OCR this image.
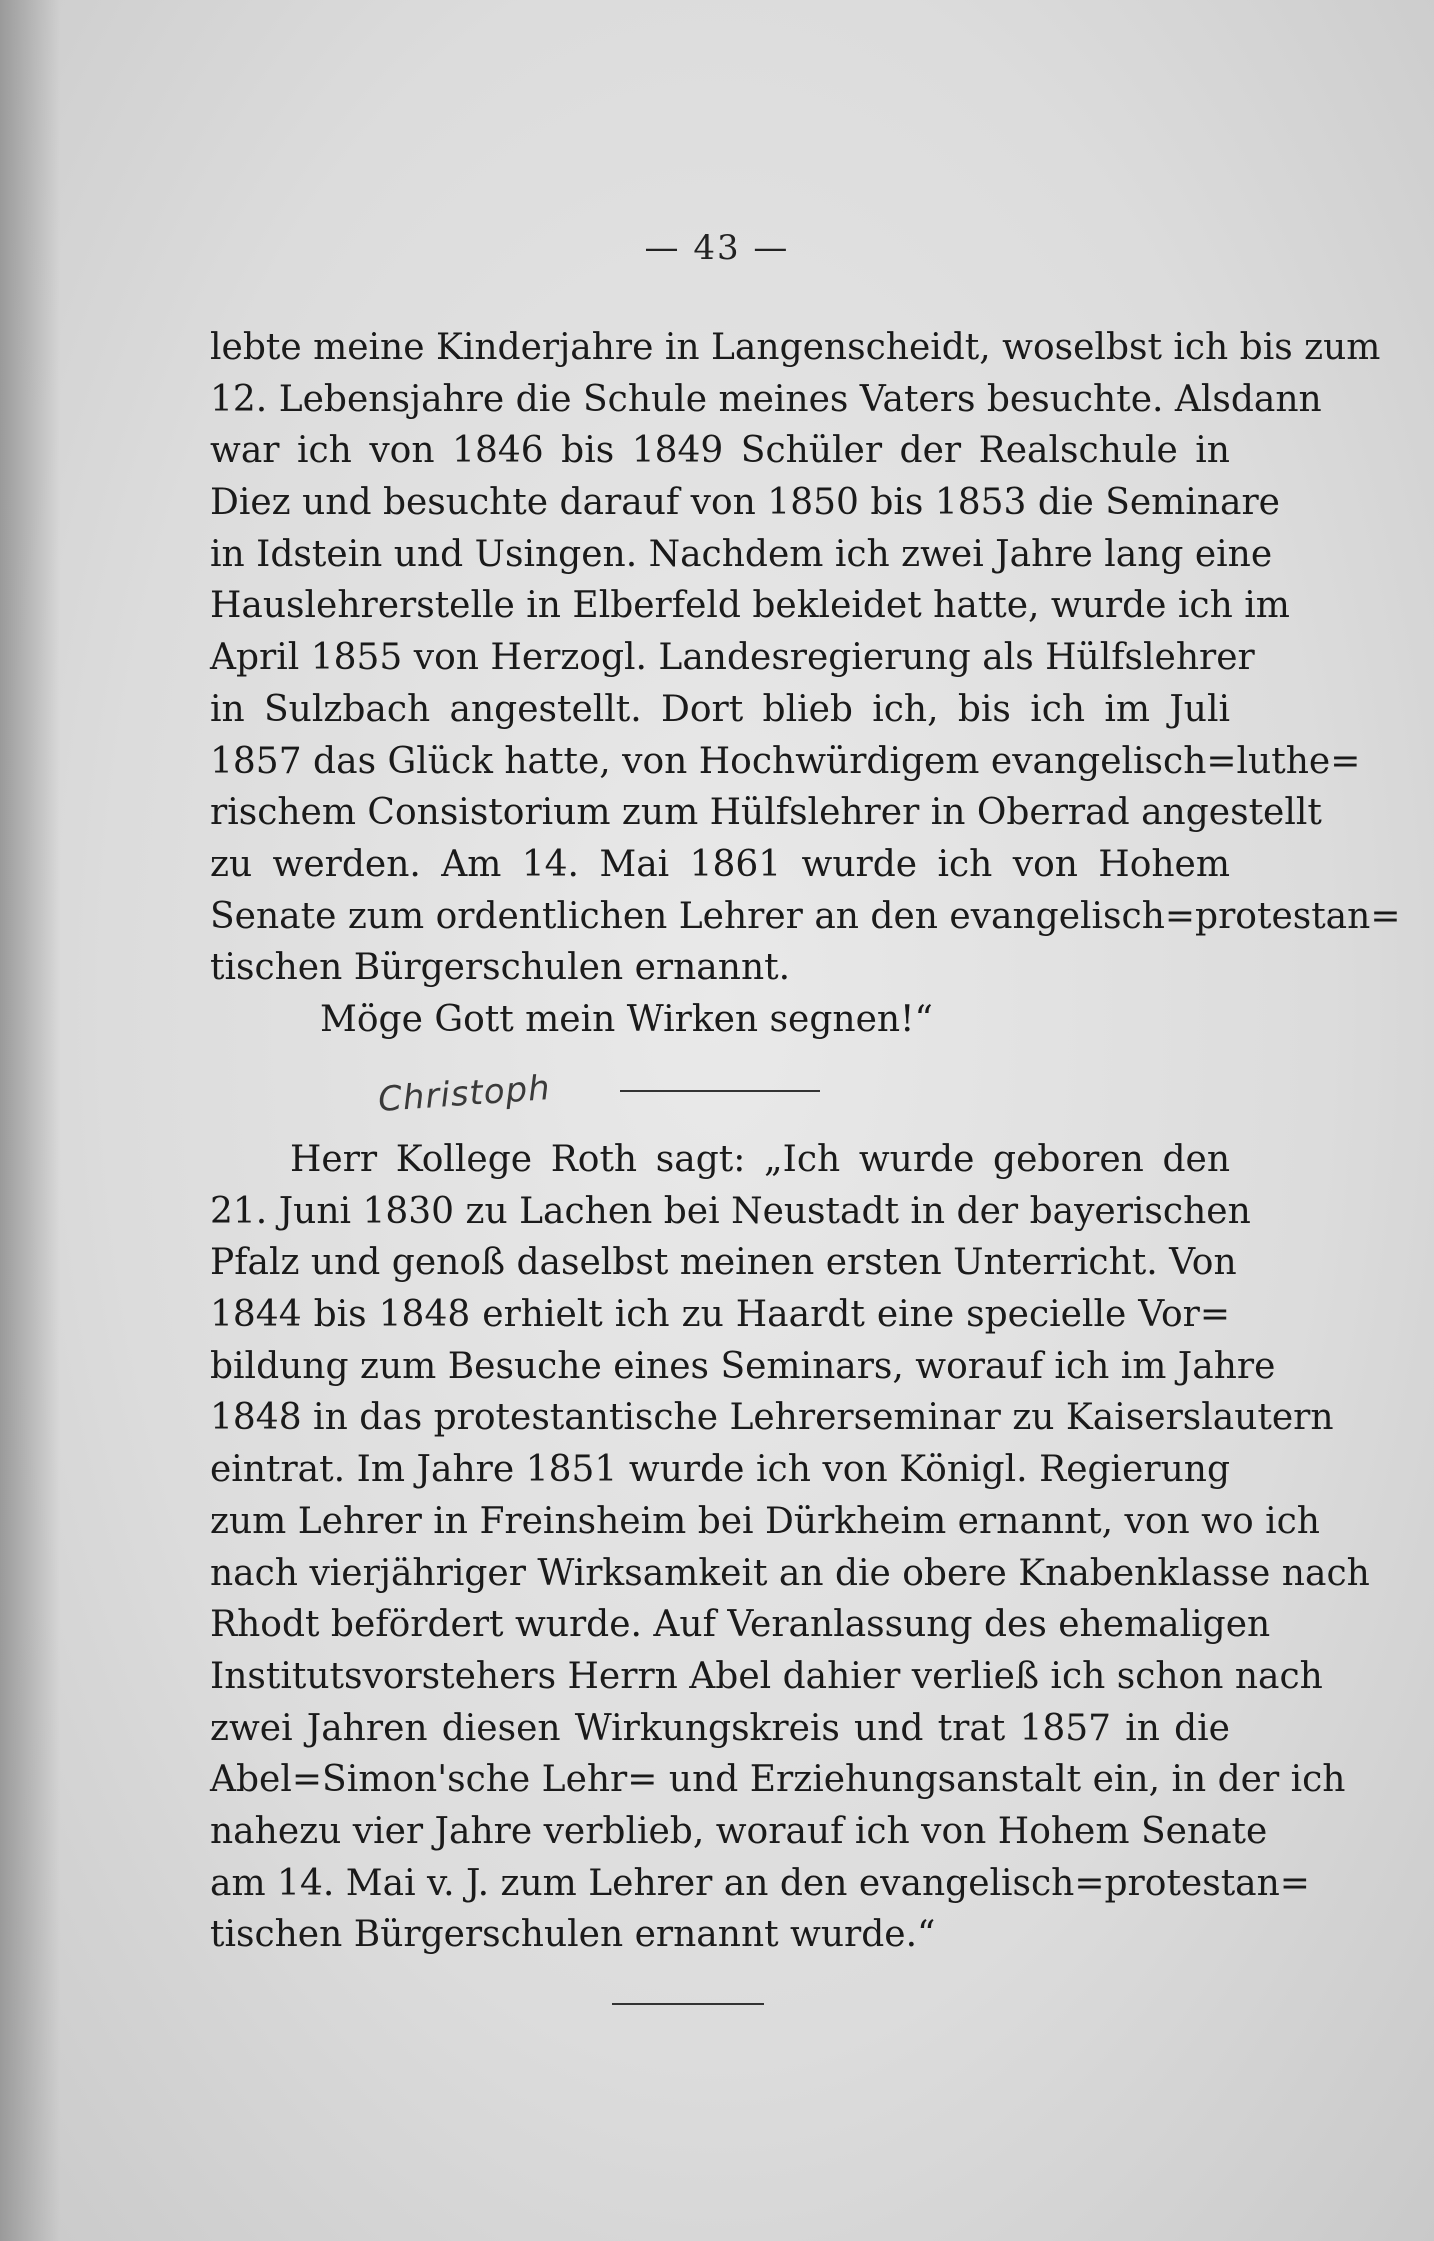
— 43 —
lebte meine Kinderjahre in Langenscheidt, woselbst ich bis zum
12. Lebensjahre die Schule meines Vaters besuchte. Alsdann
war ich von 1846 bis 1849 Schüler der Realschule in
Diez und besuchte darauf von 1850 bis 1853 die Seminare
in Idstein und Usingen. Nachdem ich zwei Jahre lang eine
Hauslehrerstelle in Elberfeld bekleidet hatte, wurde ich im
April 1855 von Herzogl. Landesregierung als Hülfslehrer
in Sulzbach angestellt. Dort blieb ich, bis ich im Juli
1857 das Glück hatte, von Hochwürdigem evangelisch=luthe=
rischem Consistorium zum Hülfslehrer in Oberrad angestellt
zu werden. Am 14. Mai 1861 wurde ich von Hohem
Senate zum ordentlichen Lehrer an den evangelisch=protestan=
tischen Bürgerschulen ernannt.
Möge Gott mein Wirken segnen!“
Christoph
Herr Kollege Roth sagt: „Ich wurde geboren den
21. Juni 1830 zu Lachen bei Neustadt in der bayerischen
Pfalz und genoß daselbst meinen ersten Unterricht. Von
1844 bis 1848 erhielt ich zu Haardt eine specielle Vor=
bildung zum Besuche eines Seminars, worauf ich im Jahre
1848 in das protestantische Lehrerseminar zu Kaiserslautern
eintrat. Im Jahre 1851 wurde ich von Königl. Regierung
zum Lehrer in Freinsheim bei Dürkheim ernannt, von wo ich
nach vierjähriger Wirksamkeit an die obere Knabenklasse nach
Rhodt befördert wurde. Auf Veranlassung des ehemaligen
Institutsvorstehers Herrn Abel dahier verließ ich schon nach
zwei Jahren diesen Wirkungskreis und trat 1857 in die
Abel=Simon'sche Lehr= und Erziehungsanstalt ein, in der ich
nahezu vier Jahre verblieb, worauf ich von Hohem Senate
am 14. Mai v. J. zum Lehrer an den evangelisch=protestan=
tischen Bürgerschulen ernannt wurde.“
